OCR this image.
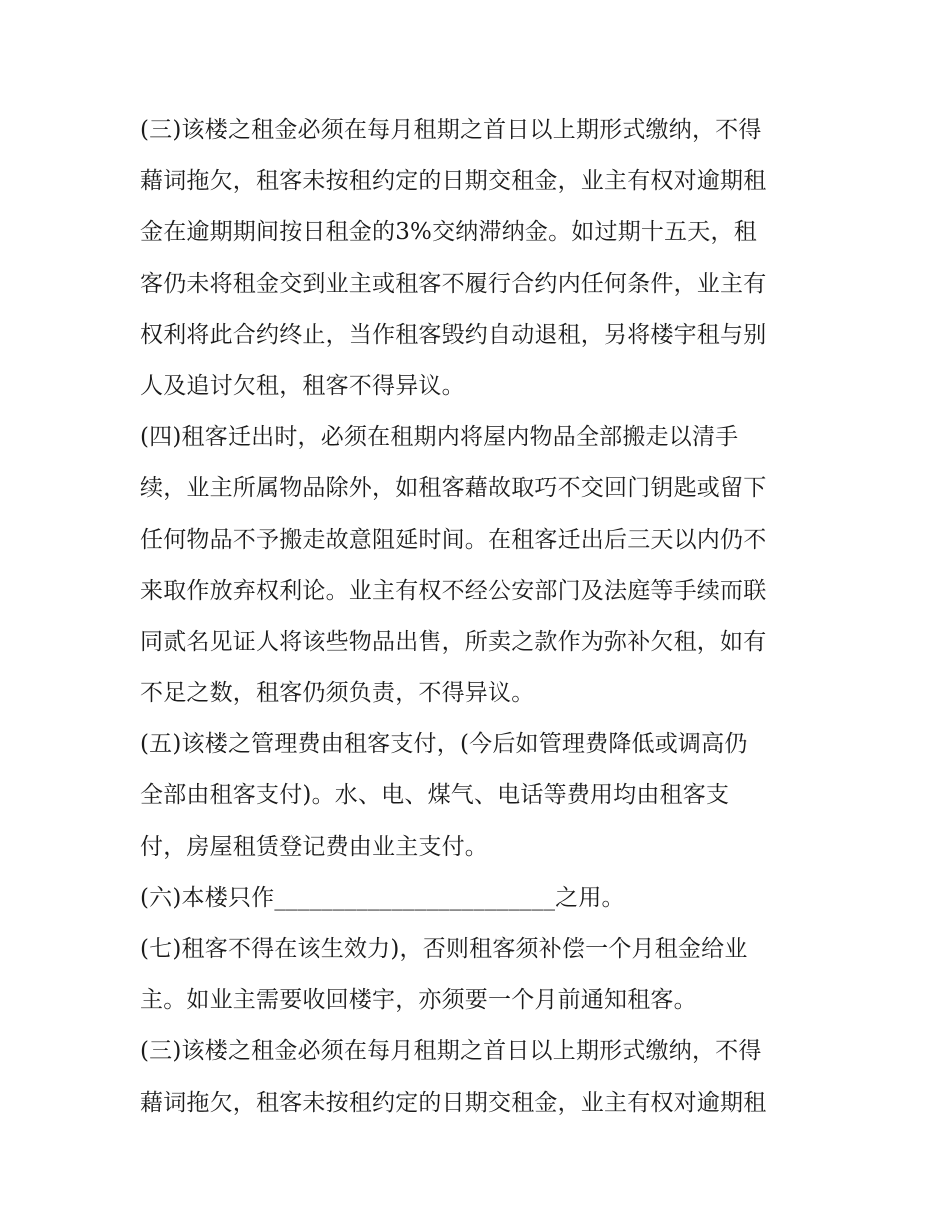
(三)该楼之租金必须在每月租期之首日以上期形式缴纳，不得
藉词拖欠，租客未按租约定的日期交租金，业主有权对逾期租
金在逾期期间按日租金的3%交纳滞纳金。如过期十五天，租
客仍未将租金交到业主或租客不履行合约内任何条件，业主有
权利将此合约终止，当作租客毁约自动退租，另将楼宇租与别
人及追讨欠租，租客不得异议。
(四)租客迁出时，必须在租期内将屋内物品全部搬走以清手
续，业主所属物品除外，如租客藉故取巧不交回门钥匙或留下
任何物品不予搬走故意阻延时间。在租客迁出后三天以内仍不
来取作放弃权利论。业主有权不经公安部门及法庭等手续而联
同贰名见证人将该些物品出售，所卖之款作为弥补欠租，如有
不足之数，租客仍须负责，不得异议。
(五)该楼之管理费由租客支付，(今后如管理费降低或调高仍
全部由租客支付)。水、电、煤气、电话等费用均由租客支
付，房屋租赁登记费由业主支付。
(六)本楼只作________________________之用。
(七)租客不得在该生效力)，否则租客须补偿一个月租金给业
主。如业主需要收回楼宇，亦须要一个月前通知租客。
(三)该楼之租金必须在每月租期之首日以上期形式缴纳，不得
藉词拖欠，租客未按租约定的日期交租金，业主有权对逾期租
